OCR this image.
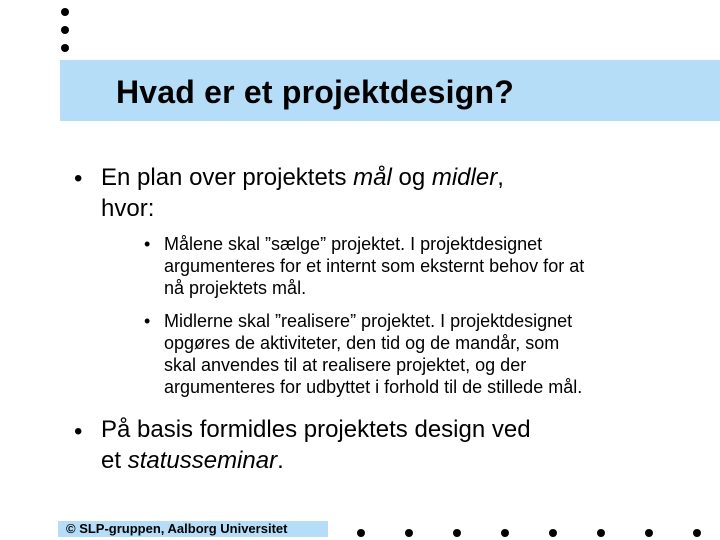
Hvad er et projektdesign?
• En plan over projektets mål og midler,
hvor:
• Målene skal ”sælge” projektet. I projektdesignet
argumenteres for et internt som eksternt behov for at
nå projektets mål.
• Midlerne skal ”realisere” projektet. I projektdesignet
opgøres de aktiviteter, den tid og de mandår, som
skal anvendes til at realisere projektet, og der
argumenteres for udbyttet i forhold til de stillede mål.
• På basis formidles projektets design ved
et statusseminar.
© SLP-gruppen, Aalborg Universitet
